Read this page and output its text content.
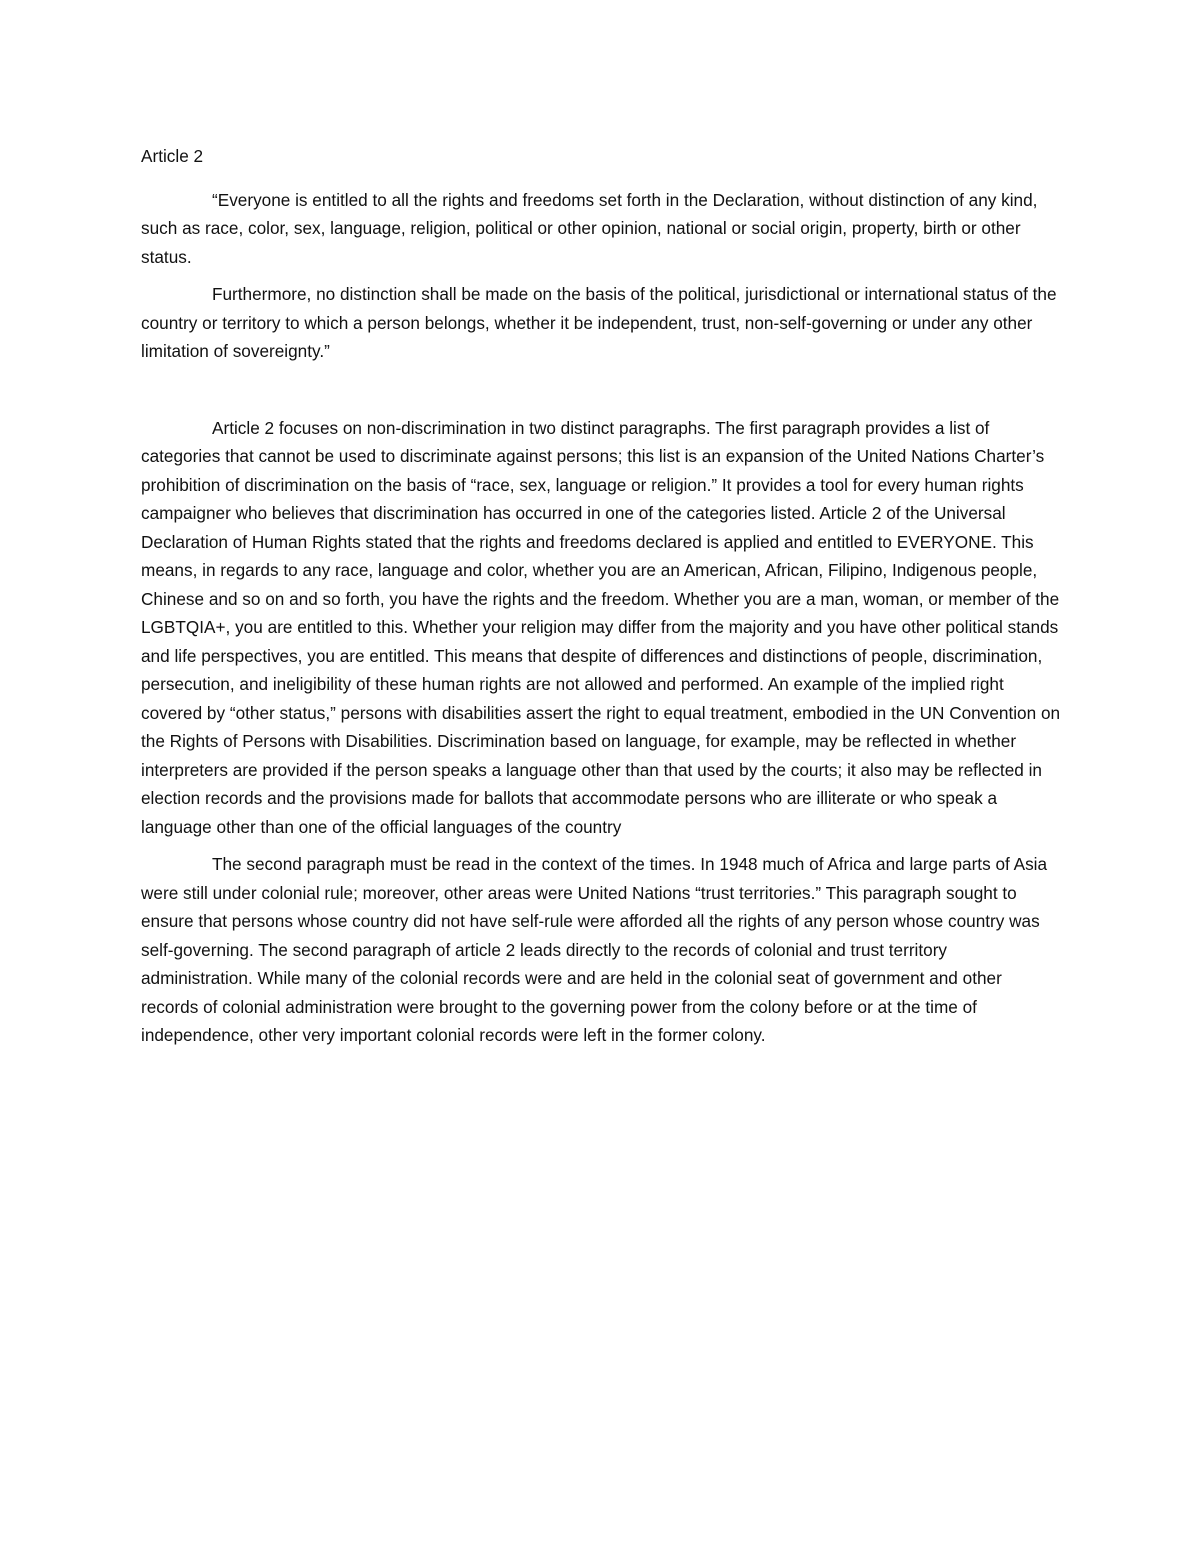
Article 2

“Everyone is entitled to all the rights and freedoms set forth in the Declaration, without distinction of any kind, such as race, color, sex, language, religion, political or other opinion, national or social origin, property, birth or other status.

Furthermore, no distinction shall be made on the basis of the political, jurisdictional or international status of the country or territory to which a person belongs, whether it be independent, trust, non-self-governing or under any other limitation of sovereignty.”

Article 2 focuses on non-discrimination in two distinct paragraphs. The first paragraph provides a list of categories that cannot be used to discriminate against persons; this list is an expansion of the United Nations Charter’s prohibition of discrimination on the basis of “race, sex, language or religion.” It provides a tool for every human rights campaigner who believes that discrimination has occurred in one of the categories listed. Article 2 of the Universal Declaration of Human Rights stated that the rights and freedoms declared is applied and entitled to EVERYONE. This means, in regards to any race, language and color, whether you are an American, African, Filipino, Indigenous people, Chinese and so on and so forth, you have the rights and the freedom. Whether you are a man, woman, or member of the LGBTQIA+, you are entitled to this. Whether your religion may differ from the majority and you have other political stands and life perspectives, you are entitled. This means that despite of differences and distinctions of people, discrimination, persecution, and ineligibility of these human rights are not allowed and performed. An example of the implied right covered by “other status,” persons with disabilities assert the right to equal treatment, embodied in the UN Convention on the Rights of Persons with Disabilities. Discrimination based on language, for example, may be reflected in whether interpreters are provided if the person speaks a language other than that used by the courts; it also may be reflected in election records and the provisions made for ballots that accommodate persons who are illiterate or who speak a language other than one of the official languages of the country

The second paragraph must be read in the context of the times. In 1948 much of Africa and large parts of Asia were still under colonial rule; moreover, other areas were United Nations “trust territories.” This paragraph sought to ensure that persons whose country did not have self-rule were afforded all the rights of any person whose country was self-governing. The second paragraph of article 2 leads directly to the records of colonial and trust territory administration. While many of the colonial records were and are held in the colonial seat of government and other records of colonial administration were brought to the governing power from the colony before or at the time of independence, other very important colonial records were left in the former colony.
